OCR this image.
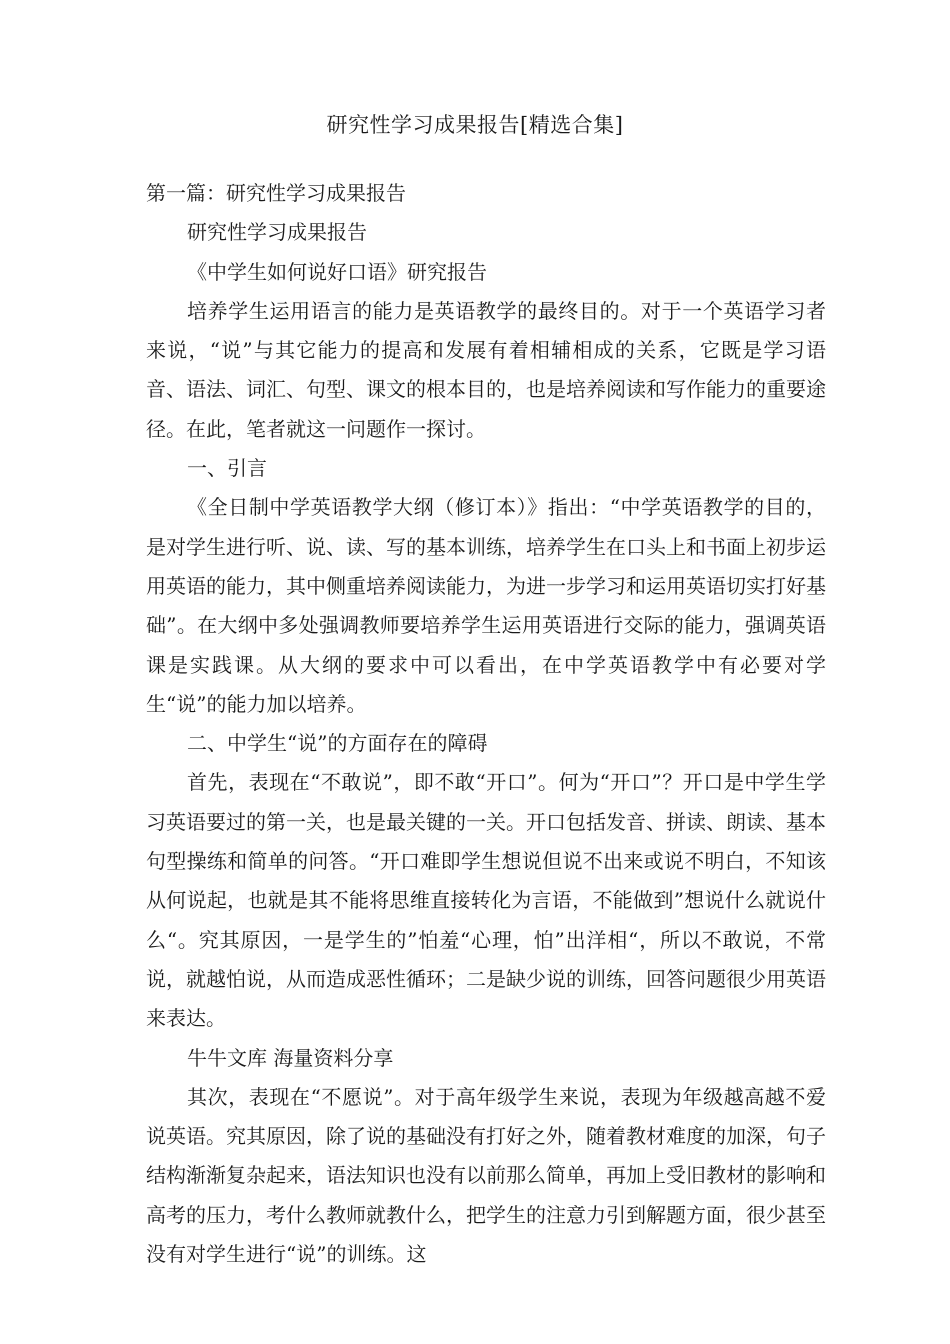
研究性学习成果报告[精选合集]

第一篇：研究性学习成果报告

研究性学习成果报告

《中学生如何说好口语》研究报告

培养学生运用语言的能力是英语教学的最终目的。对于一个英语学习者来说，“说”与其它能力的提高和发展有着相辅相成的关系，它既是学习语音、语法、词汇、句型、课文的根本目的，也是培养阅读和写作能力的重要途径。在此，笔者就这一问题作一探讨。

一、引言

《全日制中学英语教学大纲（修订本）》指出：“中学英语教学的目的，是对学生进行听、说、读、写的基本训练，培养学生在口头上和书面上初步运用英语的能力，其中侧重培养阅读能力，为进一步学习和运用英语切实打好基础”。在大纲中多处强调教师要培养学生运用英语进行交际的能力，强调英语课是实践课。从大纲的要求中可以看出，在中学英语教学中有必要对学生“说”的能力加以培养。

二、中学生“说”的方面存在的障碍

首先，表现在“不敢说”，即不敢“开口”。何为“开口”？开口是中学生学习英语要过的第一关，也是最关键的一关。开口包括发音、拼读、朗读、基本句型操练和简单的问答。“开口难即学生想说但说不出来或说不明白，不知该从何说起，也就是其不能将思维直接转化为言语，不能做到”想说什么就说什么“。究其原因，一是学生的”怕羞“心理，怕”出洋相“，所以不敢说，不常说，就越怕说，从而造成恶性循环；二是缺少说的训练，回答问题很少用英语来表达。

牛牛文库 海量资料分享

其次，表现在“不愿说”。对于高年级学生来说，表现为年级越高越不爱说英语。究其原因，除了说的基础没有打好之外，随着教材难度的加深，句子结构渐渐复杂起来，语法知识也没有以前那么简单，再加上受旧教材的影响和高考的压力，考什么教师就教什么，把学生的注意力引到解题方面，很少甚至没有对学生进行“说”的训练。这
